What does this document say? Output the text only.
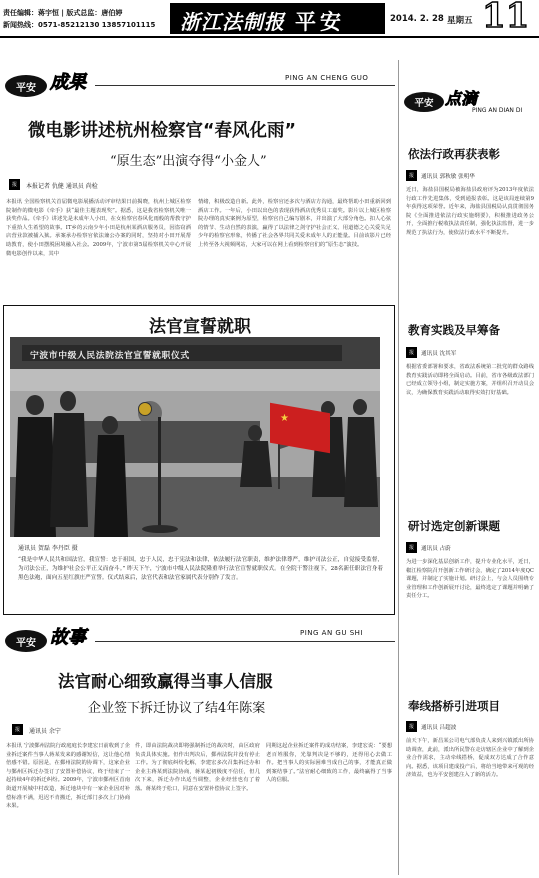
责任编辑：蒋宇恒 | 版式总监：唐伯婷
新闻热线：0571-85212130 13857101115 浙江法制报 平安	2014. 2. 28 星期五 11
平安 成果	PING AN CHENG GUO
微电影讲述杭州检察官“春风化雨”
“原生态”出演夺得“小金人”
报	本报记者 仇健 通讯员 尚检
本报讯 全国检察机关首届微电影展播活动评审结果日前揭晓，杭州上城区检察院制作的微电影《牵手》获“最佳主题表现奖”。据悉，这是我省检察机关唯一获奖作品。《牵手》讲述先是未成年人小田，在女检察官春风化雨般的帮教守护下重拾人生希望的故事。IT乡的云南少年小田是杭州某酒店服务员，因盗窃酒店营业款被捕入狱。承案承办检察官依法兼公办案的同时，坚持对小田开展帮助教育，使小田摆脱困境融入社会。2009年，宁波市第5届检察机关中心开展微电影创作以来，其中
情绪，积极改造自新。此外，检察官还多次与酒店方沟通，最终帮助小田重新回到酒店工作。一年后，小田以出色的表现获得酒店优秀员工嘉奖。影片以上城区检察院办理的真实案例为原型，检察官自己编写剧本，并出演了大部分角色。扣人心弦的情节、生动自然的表演，赢得了以法律之剑守护社会正义、用道德之心关爱失足少年的检察官形象，传播了社会各界共同关爱未成年人的正能量。目前该影片已经上传至各大视频网站，大家可以在网上看到检察官们的“原生态”演技。
法官宣誓就职
宁波市中级人民法院法官宣誓就职仪式
★
通讯员 贺磊 李丹臣 摄
“我是中华人民共和国法官，我宣誓：忠于祖国，忠于人民，忠于宪法和法律，依法履行法官职责，维护法律尊严，维护司法公正，自觉接受监督，为司法公正，为维护社会公平正义而奋斗。” 昨天下午，宁波市中级人民法院隆重举行法官宣誓就职仪式。在全院干警注视下，28名新任职法官身着黑色法袍，面向五星红旗庄严宣誓。仪式结束后，法官代表和法官家属代表分别作了发言。
平安 故事	PING AN GU SHI
法官耐心细致赢得当事人信服
企业签下拆迁协议了结4年陈案
报	通讯员 余宁
本报讯 宁波鄞州法院行政庭庭长李建宏日前收到了企业拆迁案件当事人蒋某发来的感谢短信，这让他心情倍感不错。原因是，在鄞州法院的协调下，这家企业与鄞州区拆迁办签订了安置补偿协议，终于结束了一起持续4年的拆迁纠纷。2009年，宁波市鄞州区首南街道开展城中村改造，拆迁地块中有一家企业因对补偿标准不满，迟迟不肯搬迁，拆迁部门多次上门协商未果。
件，即由法院裁决即将强制拆迁的裁决时，由区政府负责具体实施。但作出判决后，鄞州法院并没有停止工作。为了彻底纠纷化解，李建宏多次召集拆迁办和企业主蒋某到法院协商，蒋某起初极度不信任，但几次下来，拆迁办作出适当调整，企业经营也有了着落。蒋某终于松口，同意在安置补偿协议上签字。
同期这起企业拆迁案件的成功结案，李建宏说：“要想老百姓服你，光靠判决是不够的，还得用心去做工作。把当事人的实际困难当成自己的事，才能真正做到案结事了。”法官耐心细致的工作，最终赢得了当事人的信服。
平安 点滴
PING AN DIAN DI
依法行政再获表彰
报	通讯员 郭秋敏 张明华
近日，海盐县国税局被海盐县政府评为2013年度依法行政工作先进集体，受到通报表彰。这是该局连续第9年获得这项荣誉。近年来，海盐县国税局认真贯彻国务院《全面推进依法行政实施纲要》，积极推进政务公开，全面推行税收执法责任制，强化执法监督，进一步规范了执法行为，使依法行政水平不断提升。
教育实践及早筹备
报	通讯员 沈其军
根据省委部署和要求，省政法系统第二批党的群众路线教育实践活动即将全面启动。目前，省市各级政法部门已经成立领导小组，制定实施方案，并组织召开动员会议，为确保教育实践活动取得实效打好基础。
研讨选定创新课题
报	通讯员 占蔚
为进一步深化基层创新工作，提升专业化水平，近日，椒江检察院召开创新工作研讨会，确定了2014年度QC课题，并制定了实施计划。研讨会上，与会人员围绕专业管理和工作创新展开讨论，最终选定了课题并明确了责任分工。
奉线搭桥引进项目
报	通讯员 吕超波
前天下午，新昌某公司电气部负责人来到兴镇派出所协助调查，此前，派出所民警在走访辖区企业中了解到企业合作需求，主动牵线搭桥，促成双方达成了合作意向。据悉，该项目建成投产后，将给当地带来可观的经济效益，也为平安创建注入了新的活力。
